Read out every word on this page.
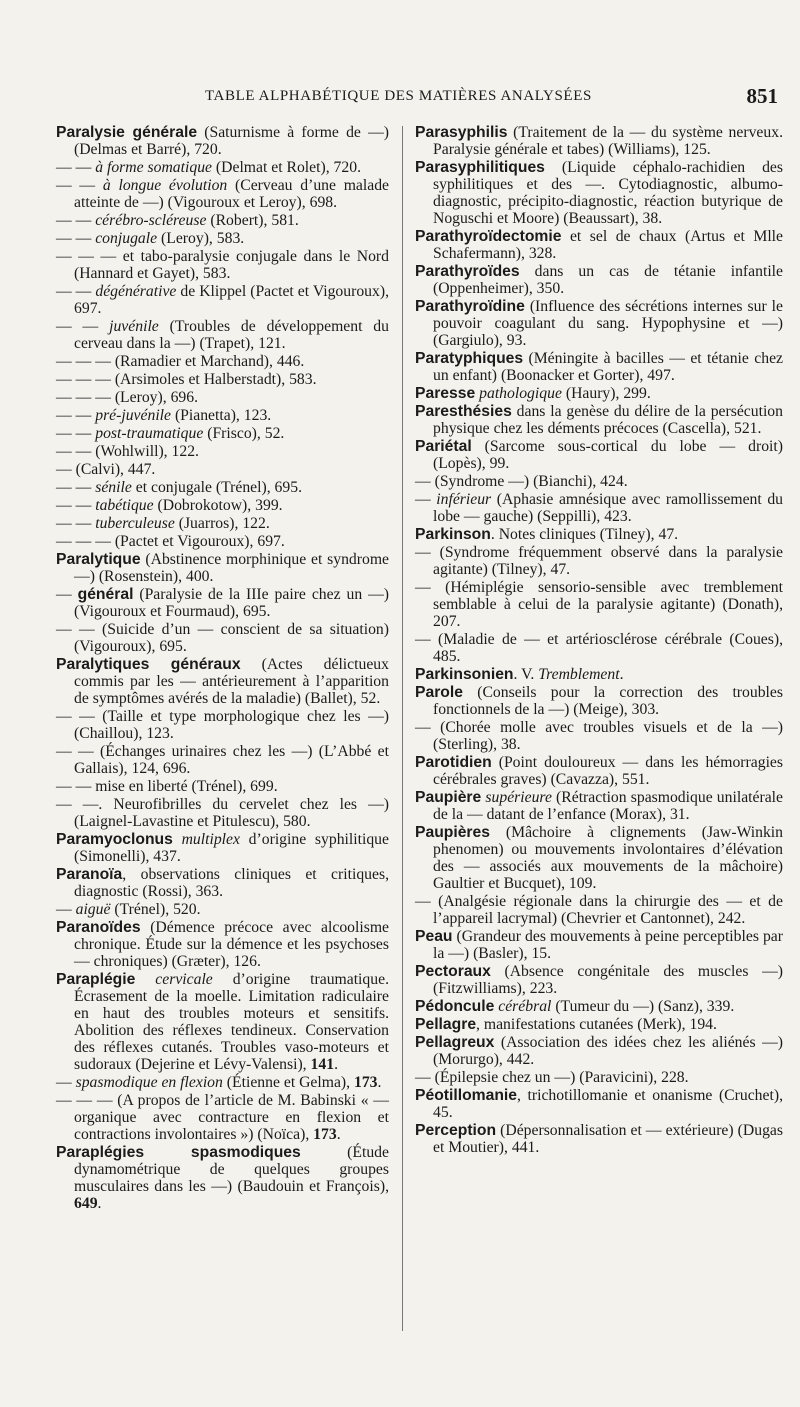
TABLE ALPHABÉTIQUE DES MATIÈRES ANALYSÉES	851
Paralysie générale (Saturnisme à forme de —) (Delmas et Barré), 720.
— — à forme somatique (Delmat et Rolet), 720.
— — à longue évolution (Cerveau d’une malade atteinte de —) (Vigouroux et Leroy), 698.
— — cérébro-scléreuse (Robert), 581.
— — conjugale (Leroy), 583.
— — — et tabo-paralysie conjugale dans le Nord (Hannard et Gayet), 583.
— — dégénérative de Klippel (Pactet et Vigouroux), 697.
— — juvénile (Troubles de développement du cerveau dans la —) (Trapet), 121.
— — — (Ramadier et Marchand), 446.
— — — (Arsimoles et Halberstadt), 583.
— — — (Leroy), 696.
— — pré-juvénile (Pianetta), 123.
— — post-traumatique (Frisco), 52.
— — (Wohlwill), 122.
— (Calvi), 447.
— — sénile et conjugale (Trénel), 695.
— — tabétique (Dobrokotow), 399.
— — tuberculeuse (Juarros), 122.
— — — (Pactet et Vigouroux), 697.
Paralytique (Abstinence morphinique et syndrome —) (Rosenstein), 400.
— général (Paralysie de la IIIe paire chez un —) (Vigouroux et Fourmaud), 695.
— — (Suicide d’un — conscient de sa situation) (Vigouroux), 695.
Paralytiques généraux (Actes délictueux commis par les — antérieurement à l’apparition de symptômes avérés de la maladie) (Ballet), 52.
— — (Taille et type morphologique chez les —) (Chaillou), 123.
— — (Échanges urinaires chez les —) (L’Abbé et Gallais), 124, 696.
— — mise en liberté (Trénel), 699.
— —. Neurofibrilles du cervelet chez les —) (Laignel-Lavastine et Pitulescu), 580.
Paramyoclonus multiplex d’origine syphilitique (Simonelli), 437.
Paranoïa, observations cliniques et critiques, diagnostic (Rossi), 363.
— aiguë (Trénel), 520.
Paranoïdes (Démence précoce avec alcoolisme chronique. Étude sur la démence et les psychoses — chroniques) (Græter), 126.
Paraplégie cervicale d’origine traumatique. Écrasement de la moelle. Limitation radiculaire en haut des troubles moteurs et sensitifs. Abolition des réflexes tendineux. Conservation des réflexes cutanés. Troubles vaso-moteurs et sudoraux (Dejerine et Lévy-Valensi), 141.
— spasmodique en flexion (Étienne et Gelma), 173.
— — — (A propos de l’article de M. Babinski « — organique avec contracture en flexion et contractions involontaires ») (Noïca), 173.
Paraplégies spasmodiques (Étude dynamométrique de quelques groupes musculaires dans les —) (Baudouin et François), 649.
Parasyphilis (Traitement de la — du système nerveux. Paralysie générale et tabes) (Williams), 125.
Parasyphilitiques (Liquide céphalo-rachidien des syphilitiques et des —. Cytodiagnostic, albumo-diagnostic, précipito-diagnostic, réaction butyrique de Noguschi et Moore) (Beaussart), 38.
Parathyroïdectomie et sel de chaux (Artus et Mlle Schafermann), 328.
Parathyroïdes dans un cas de tétanie infantile (Oppenheimer), 350.
Parathyroïdine (Influence des sécrétions internes sur le pouvoir coagulant du sang. Hypophysine et —) (Gargiulo), 93.
Paratyphiques (Méningite à bacilles — et tétanie chez un enfant) (Boonacker et Gorter), 497.
Paresse pathologique (Haury), 299.
Paresthésies dans la genèse du délire de la persécution physique chez les déments précoces (Cascella), 521.
Pariétal (Sarcome sous-cortical du lobe — droit) (Lopès), 99.
— (Syndrome —) (Bianchi), 424.
— inférieur (Aphasie amnésique avec ramollissement du lobe — gauche) (Seppilli), 423.
Parkinson. Notes cliniques (Tilney), 47.
— (Syndrome fréquemment observé dans la paralysie agitante) (Tilney), 47.
— (Hémiplégie sensorio-sensible avec tremblement semblable à celui de la paralysie agitante) (Donath), 207.
— (Maladie de — et artériosclérose cérébrale (Coues), 485.
Parkinsonien. V. Tremblement.
Parole (Conseils pour la correction des troubles fonctionnels de la —) (Meige), 303.
— (Chorée molle avec troubles visuels et de la —) (Sterling), 38.
Parotidien (Point douloureux — dans les hémorragies cérébrales graves) (Cavazza), 551.
Paupière supérieure (Rétraction spasmodique unilatérale de la — datant de l’enfance (Morax), 31.
Paupières (Mâchoire à clignements (Jaw-Winkin phenomen) ou mouvements involontaires d’élévation des — associés aux mouvements de la mâchoire) Gaultier et Bucquet), 109.
— (Analgésie régionale dans la chirurgie des — et de l’appareil lacrymal) (Chevrier et Cantonnet), 242.
Peau (Grandeur des mouvements à peine perceptibles par la —) (Basler), 15.
Pectoraux (Absence congénitale des muscles —) (Fitzwilliams), 223.
Pédoncule cérébral (Tumeur du —) (Sanz), 339.
Pellagre, manifestations cutanées (Merk), 194.
Pellagreux (Association des idées chez les aliénés —) (Morurgo), 442.
— (Épilepsie chez un —) (Paravicini), 228.
Péotillomanie, trichotillomanie et onanisme (Cruchet), 45.
Perception (Dépersonnalisation et — extérieure) (Dugas et Moutier), 441.
